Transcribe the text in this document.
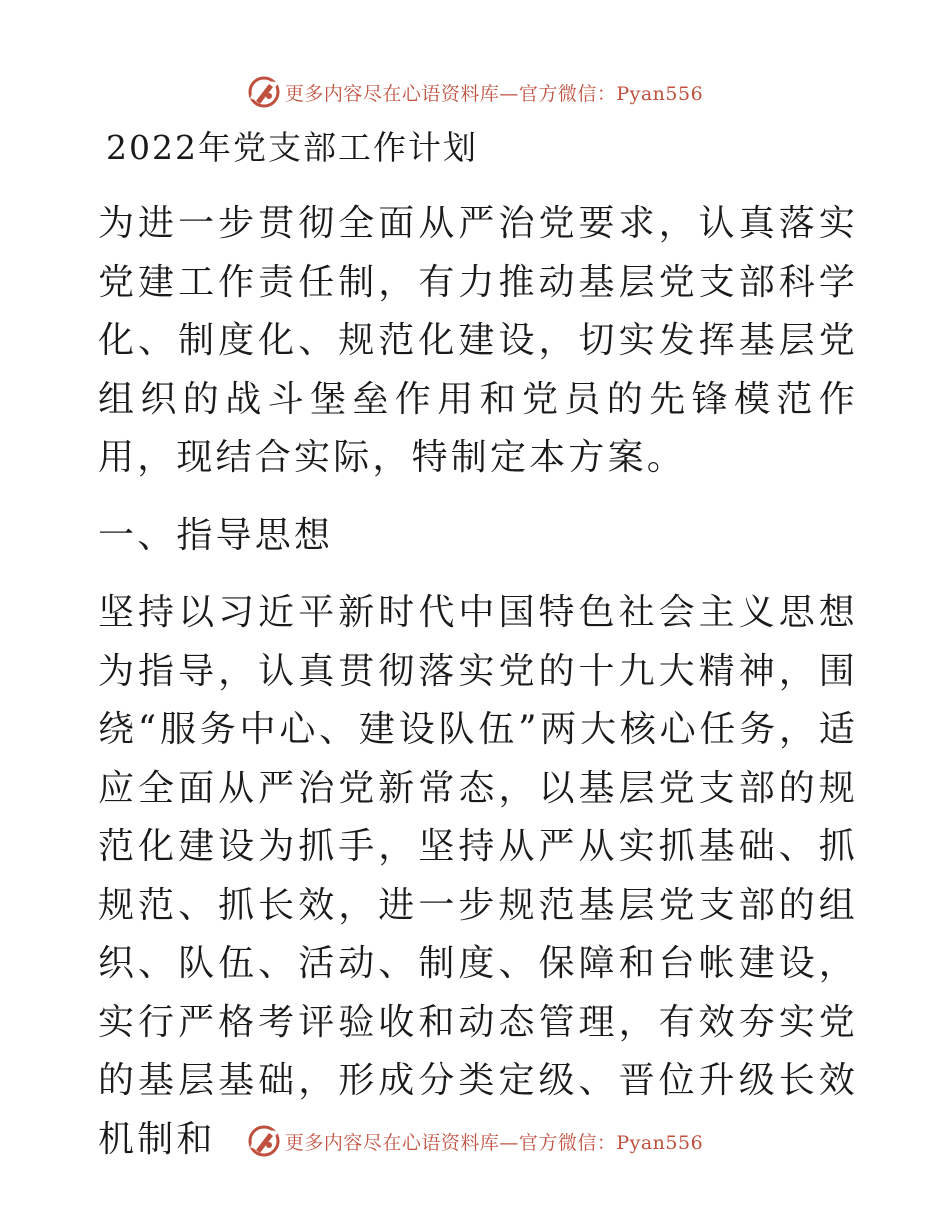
更多内容尽在心语资料库—官方微信：Pyan556
2022年党支部工作计划

为进一步贯彻全面从严治党要求，认真落实党建工作责任制，有力推动基层党支部科学化、制度化、规范化建设，切实发挥基层党组织的战斗堡垒作用和党员的先锋模范作用，现结合实际，特制定本方案。

一、指导思想

坚持以习近平新时代中国特色社会主义思想为指导，认真贯彻落实党的十九大精神，围绕“服务中心、建设队伍”两大核心任务，适应全面从严治党新常态，以基层党支部的规范化建设为抓手，坚持从严从实抓基础、抓规范、抓长效，进一步规范基层党支部的组织、队伍、活动、制度、保障和台帐建设，实行严格考评验收和动态管理，有效夯实党的基层基础，形成分类定级、晋位升级长效机制和	更多内容尽在心语资料库—官方微信：Pyan556
